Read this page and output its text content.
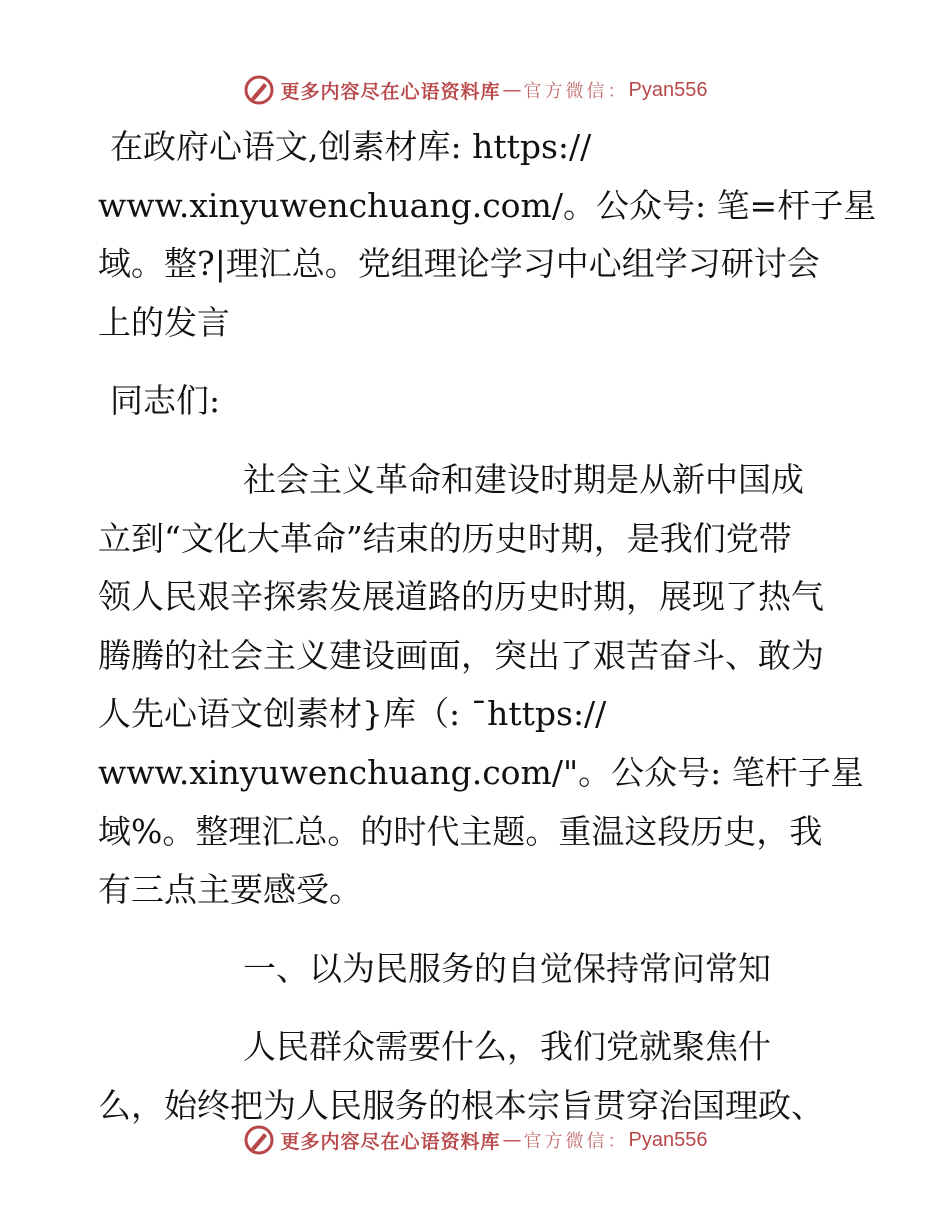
更多内容尽在心语资料库 — 官方微信： Pyan556
在政府心语文,创素材库: https://
www.xinyuwenchuang.com/。公众号: 笔=杆子星
域。整?|理汇总。党组理论学习中心组学习研讨会
上的发言
同志们:
社会主义革命和建设时期是从新中国成
立到“文化大革命”结束的历史时期，是我们党带
领人民艰辛探索发展道路的历史时期，展现了热气
腾腾的社会主义建设画面，突出了艰苦奋斗、敢为
人先心语文创素材}库（: ¯https://
www.xinyuwenchuang.com/"。公众号: 笔杆子星
域%。整理汇总。的时代主题。重温这段历史，我
有三点主要感受。
一、以为民服务的自觉保持常问常知
人民群众需要什么，我们党就聚焦什
么，始终把为人民服务的根本宗旨贯穿治国理政、
更多内容尽在心语资料库 — 官方微信： Pyan556
